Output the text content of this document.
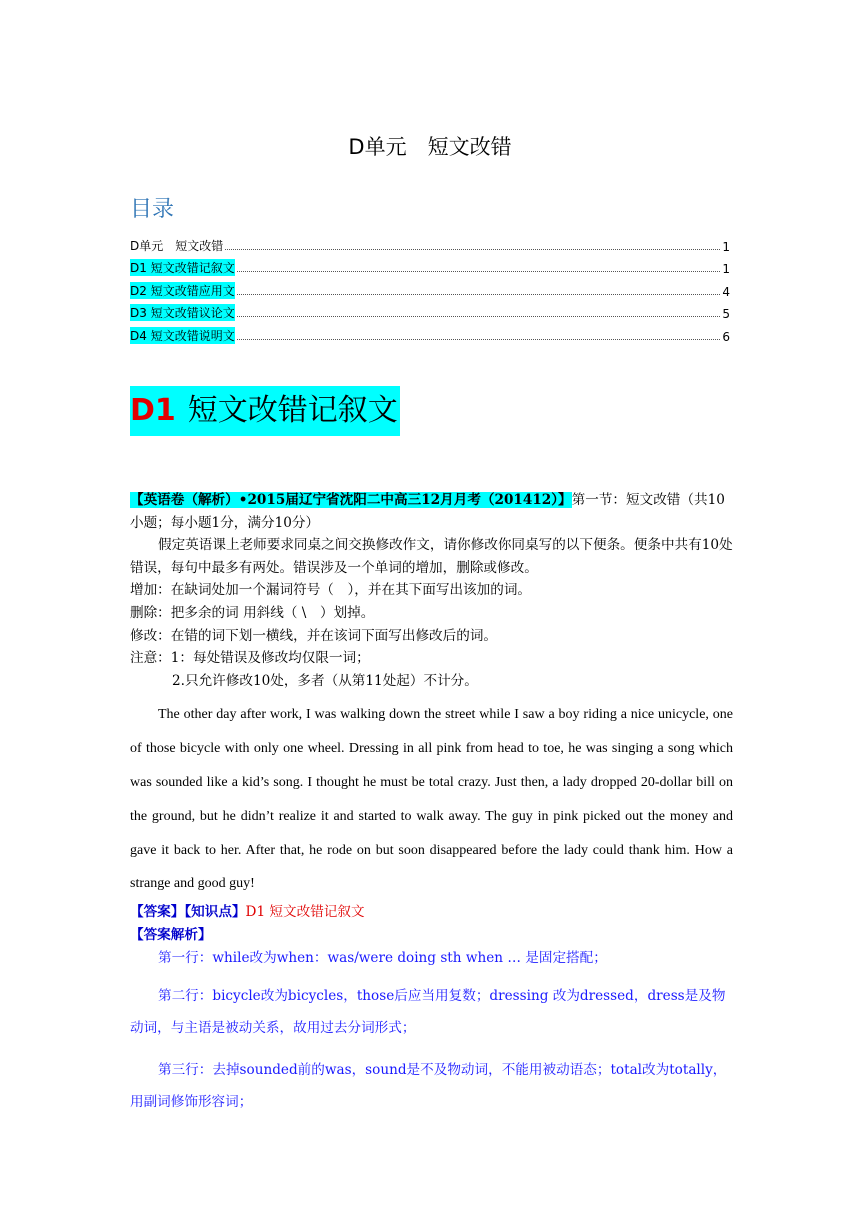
D单元　短文改错
目录
D单元　短文改错	1
D1 短文改错记叙文	1
D2 短文改错应用文	4
D3 短文改错议论文	5
D4 短文改错说明文	6
D1 短文改错记叙文

【英语卷（解析）•2015届辽宁省沈阳二中高三12月月考（201412）】第一节：短文改错（共10小题；每小题1分，满分10分）

假定英语课上老师要求同桌之间交换修改作文，请你修改你同桌写的以下便条。便条中共有10处错误，每句中最多有两处。错误涉及一个单词的增加，删除或修改。

增加：在缺词处加一个漏词符号（　），并在其下面写出该加的词。

删除：把多余的词 用斜线（ \　）划掉。

修改：在错的词下划一横线，并在该词下面写出修改后的词。

注意：1：每处错误及修改均仅限一词；

2.只允许修改10处，多者（从第11处起）不计分。

The other day after work, I was walking down the street while I saw a boy riding a nice unicycle, one of those bicycle with only one wheel. Dressing in all pink from head to toe, he was singing a song which was sounded like a kid’s song. I thought he must be total crazy. Just then, a lady dropped 20-dollar bill on the ground, but he didn’t realize it and started to walk away. The guy in pink picked out the money and gave it back to her. After that, he rode on but soon disappeared before the lady could thank him. How a strange and good guy!

【答案】【知识点】D1 短文改错记叙文

【答案解析】

第一行：while改为when：was/were doing sth when … 是固定搭配；

第二行：bicycle改为bicycles，those后应当用复数；dressing 改为dressed，dress是及物动词，与主语是被动关系，故用过去分词形式；

第三行：去掉sounded前的was，sound是不及物动词，不能用被动语态；total改为totally，用副词修饰形容词；
